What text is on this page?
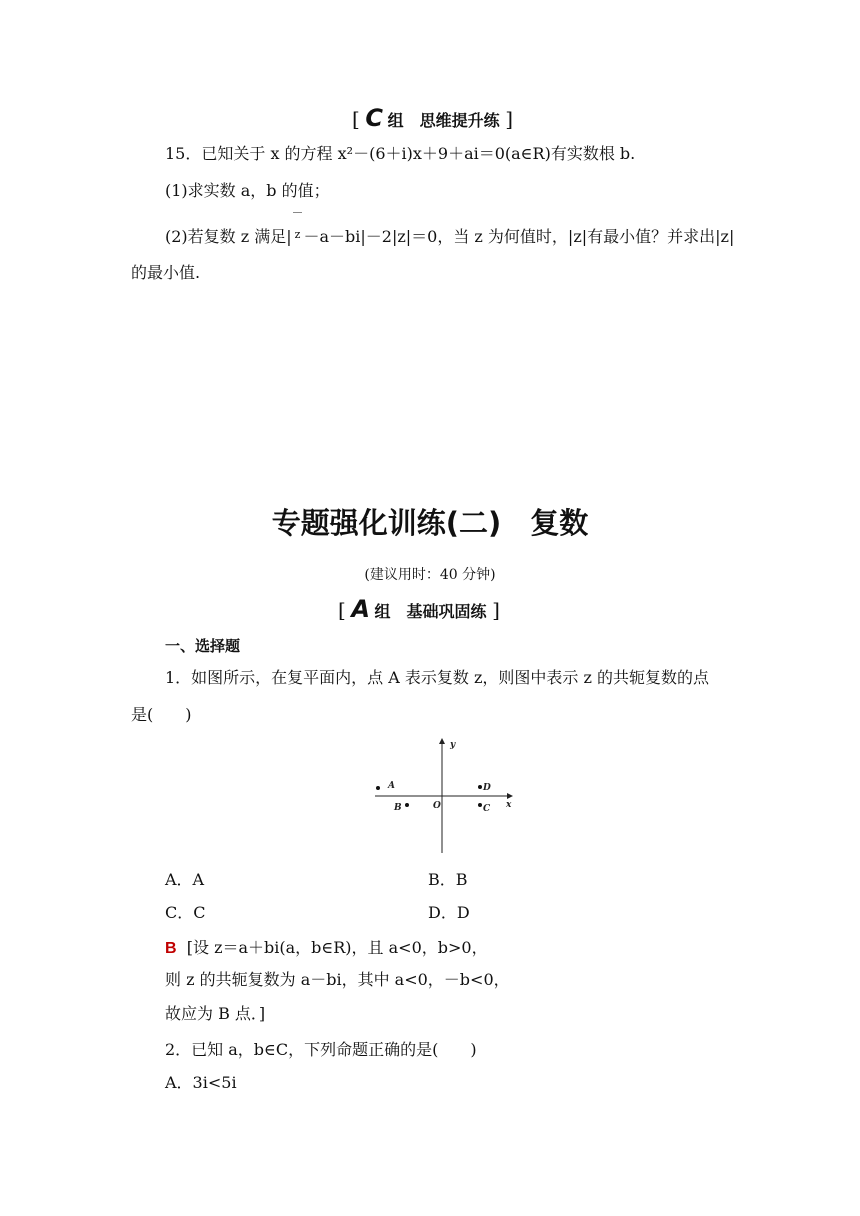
[ C 组　思维提升练 ]
15．已知关于 x 的方程 x²－(6＋i)x＋9＋ai＝0(a∈R)有实数根 b.
(1)求实数 a，b 的值；
(2)若复数 z 满足| z －a－bi|－2|z|＝0，当 z 为何值时，|z|有最小值？并求出|z|
的最小值.
专题强化训练(二)　复数
(建议用时：40 分钟)
[ A 组　基础巩固练 ]
一、选择题
1．如图所示，在复平面内，点 A 表示复数 z，则图中表示 z 的共轭复数的点
是(　　)
y
x
O
A
B
D
C
A．A	B．B
C．C	D．D
B [设 z＝a＋bi(a，b∈R)，且 a<0，b>0，
则 z 的共轭复数为 a－bi，其中 a<0，－b<0，
故应为 B 点．]
2．已知 a，b∈C，下列命题正确的是(　　)
A．3i<5i
